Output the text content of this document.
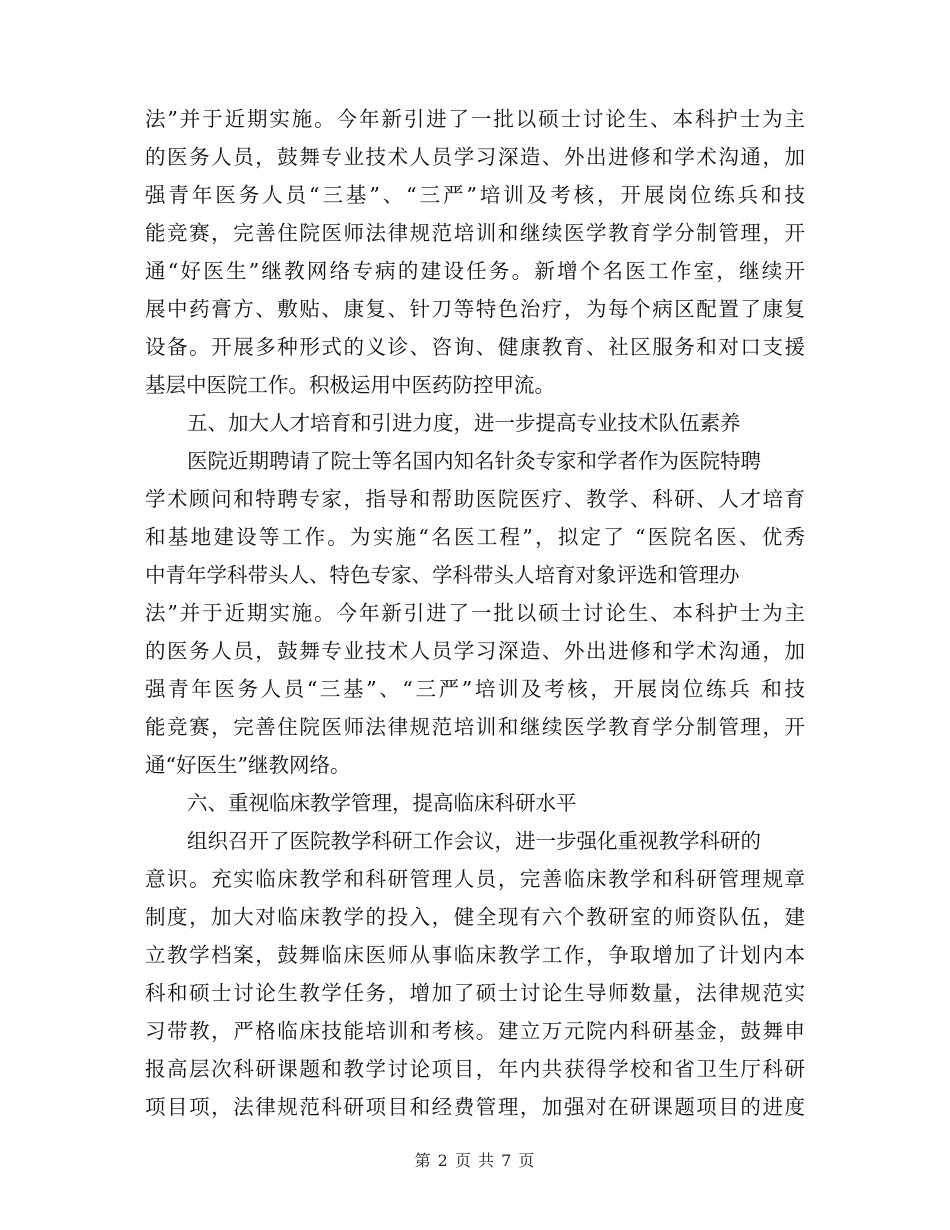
法”并于近期实施。今年新引进了一批以硕士讨论生、本科护士为主
的医务人员，鼓舞专业技术人员学习深造、外出进修和学术沟通，加
强青年医务人员“三基”、“三严”培训及考核，开展岗位练兵和技
能竞赛，完善住院医师法律规范培训和继续医学教育学分制管理，开
通“好医生”继教网络专病的建设任务。新增个名医工作室，继续开
展中药膏方、敷贴、康复、针刀等特色治疗，为每个病区配置了康复
设备。开展多种形式的义诊、咨询、健康教育、社区服务和对口支援
基层中医院工作。积极运用中医药防控甲流。
五、加大人才培育和引进力度，进一步提高专业技术队伍素养
医院近期聘请了院士等名国内知名针灸专家和学者作为医院特聘
学术顾问和特聘专家，指导和帮助医院医疗、教学、科研、人才培育
和基地建设等工作。为实施“名医工程”，拟定了 “医院名医、优秀
中青年学科带头人、特色专家、学科带头人培育对象评选和管理办
法”并于近期实施。今年新引进了一批以硕士讨论生、本科护士为主
的医务人员，鼓舞专业技术人员学习深造、外出进修和学术沟通，加
强青年医务人员“三基”、“三严”培训及考核，开展岗位练兵 和技
能竞赛，完善住院医师法律规范培训和继续医学教育学分制管理，开
通“好医生”继教网络。
六、重视临床教学管理，提高临床科研水平
组织召开了医院教学科研工作会议，进一步强化重视教学科研的
意识。充实临床教学和科研管理人员，完善临床教学和科研管理规章
制度，加大对临床教学的投入，健全现有六个教研室的师资队伍，建
立教学档案，鼓舞临床医师从事临床教学工作，争取增加了计划内本
科和硕士讨论生教学任务，增加了硕士讨论生导师数量，法律规范实
习带教，严格临床技能培训和考核。建立万元院内科研基金，鼓舞申
报高层次科研课题和教学讨论项目，年内共获得学校和省卫生厅科研
项目项，法律规范科研项目和经费管理，加强对在研课题项目的进度
第 2 页 共 7 页
